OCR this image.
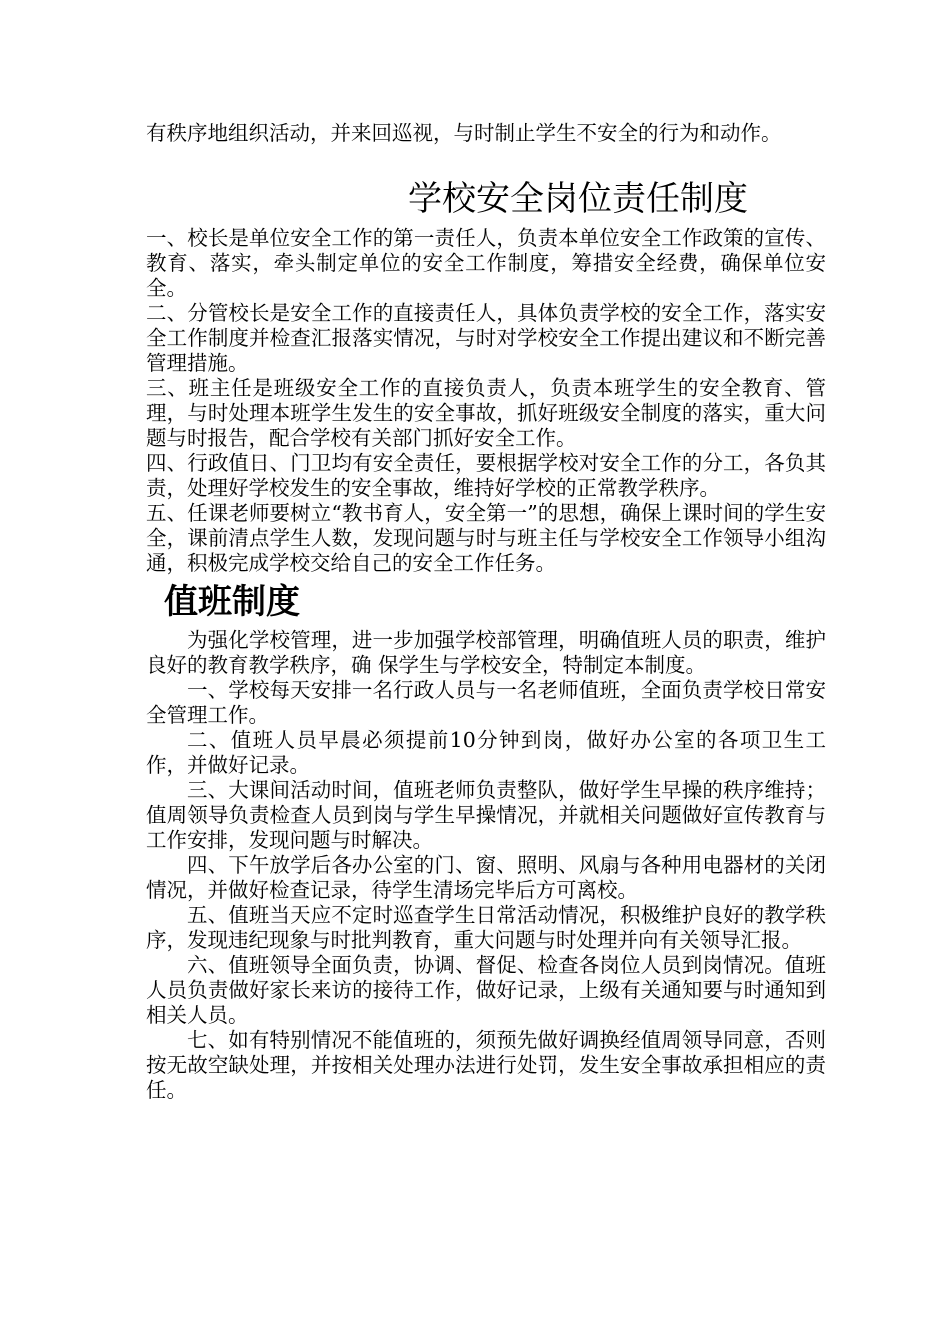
有秩序地组织活动，并来回巡视，与时制止学生不安全的行为和动作。

学校安全岗位责任制度

一、校长是单位安全工作的第一责任人，负责本单位安全工作政策的宣传、教育、落实，牵头制定单位的安全工作制度，筹措安全经费，确保单位安全。

二、分管校长是安全工作的直接责任人，具体负责学校的安全工作，落实安全工作制度并检查汇报落实情况，与时对学校安全工作提出建议和不断完善管理措施。

三、班主任是班级安全工作的直接负责人，负责本班学生的安全教育、管理，与时处理本班学生发生的安全事故，抓好班级安全制度的落实，重大问题与时报告，配合学校有关部门抓好安全工作。

四、行政值日、门卫均有安全责任，要根据学校对安全工作的分工，各负其责，处理好学校发生的安全事故，维持好学校的正常教学秩序。

五、任课老师要树立“教书育人，安全第一”的思想，确保上课时间的学生安全，课前清点学生人数，发现问题与时与班主任与学校安全工作领导小组沟通，积极完成学校交给自己的安全工作任务。

值班制度

为强化学校管理，进一步加强学校部管理，明确值班人员的职责，维护良好的教育教学秩序，确 保学生与学校安全，特制定本制度。

一、学校每天安排一名行政人员与一名老师值班，全面负责学校日常安全管理工作。

二、值班人员早晨必须提前10分钟到岗，做好办公室的各项卫生工作，并做好记录。

三、大课间活动时间，值班老师负责整队，做好学生早操的秩序维持；值周领导负责检查人员到岗与学生早操情况，并就相关问题做好宣传教育与工作安排，发现问题与时解决。

四、下午放学后各办公室的门、窗、照明、风扇与各种用电器材的关闭情况，并做好检查记录，待学生清场完毕后方可离校。

五、值班当天应不定时巡查学生日常活动情况，积极维护良好的教学秩序，发现违纪现象与时批判教育，重大问题与时处理并向有关领导汇报。

六、值班领导全面负责，协调、督促、检查各岗位人员到岗情况。值班人员负责做好家长来访的接待工作，做好记录，上级有关通知要与时通知到相关人员。

七、如有特别情况不能值班的，须预先做好调换经值周领导同意，否则按无故空缺处理，并按相关处理办法进行处罚，发生安全事故承担相应的责任。
